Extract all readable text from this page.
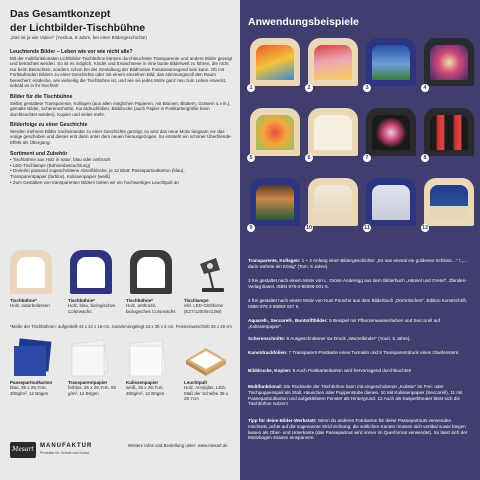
Das Gesamtkonzept
der Lichtbilder-Tischbühne
„Das ist ja wie Video!“ (Yoshua, 6 Jahre, bei einer Bildergeschichte)

Leuchtende Bilder – Leben wie vor wie nicht alle?

Mit der multifunktionalen Lichtbilder-Tischbühne können durchleuchtete Transparente und andere Bilder gezeigt und betrachtet werden. So ist es möglich, Kinder und Erwachsene in eine bunte Bilderwelt zu führen, die nicht nur beim Betrachten, sondern schon bei der Gestaltung der Bildmotive Fantasieanregend sein kann. Ob mit Fortlaufenden Bildern zu einer Geschichte oder mit einem einzelnen Bild, das stimmungsvoll den Raum bereichert: entdecke, wie vielseitig die Tischbühne ist, und wie sie jedes Motiv ganz neu zum Leben erweckt, sobald es in ihr leuchtet!

Bilder für die Tischbühne

Selbst gestaltete Transparente, Kollagen (aus allen möglichen Papieren, mit Blumen, Blüttern, Gräsern u.v.m.), gemalte Bilder, Scherenschnitte, Kunstdruckfolien, Bilddrucke (auch Papier in Postkartengröße kann durchleuchtet werden), Kopien und vieles mehr.

Bilderfolge zu einer Geschichte

Werden mehrere Bilder nacheinander zu einer Geschichte gezeigt, so wird das neue Motiv langsam vor das vorige geschoben und dieses erst dann unter dem neuen herausgezogen. So entsteht ein schöner Überblende-Effekt als Übergang.

Sortiment und Zubehör

• Tischbühne aus Holz in natur, blau oder anthrazit
• LED-Tischlampe (Bühnenbeleuchtung)
• Dreierlei passend zugeschnittene Abreißblöcke, je 12 Blatt: Passepartoutkarton (blau),
Transparentpapier (farblos), Kulissenpapier (weiß)
• Zum Gestalten von transparenten Bildern bieten wir ein hochwertiges Leuchtpult an
Tischbühne*
Holz, naturbelassen
Tischbühne*
Holz, blau, biologisches Colorwachs
Tischbühne*
Holz, anthrazit, biologisches Colorwachs
Tischlampe
inkl. LED-Glühbirne (E27/1200lm/13W)
*Maße der Tischbühnen: aufgestellt 43 x 42 x 18 cm, zusammengelegt 43 x 35 x 3 cm, Fensterausschnitt 28 x 28 cm
Passepartoutkarton
blau, 35 x 29,7cm, 300g/m², 12 Bögen
Transparentpapier
farblos, 35 x 29,7cm, 80 g/m², 12 Bögen
Kulissenpapier
weiß, 35 x 29,7cm, 250g/m², 12 Bögen
Leuchtpult
Holz, Acrylglas, LED, Maß der Scheibe 35 x 29,7cm
Mesart	MANUFAKTUR
Produkte für Schule und Kunst
Weitere Infos und Bestellung unter: www.mesart.de
Anwendungsbeispiele
1	2	3	4
5	6	7	8
9	10	11	12

Transparente, Kollagen: 1 + 2 Anfang einer Bildergeschichte: „Es war einmal ein goldenes Schloss…“ / „… darin wohnte ein König“ (Tom, 5 Jahre).

3 frei gestaltet nach einem Motiv von L. Gross-Anderegg aus dem Bilderbuch „Hänsel und Gretel“, Zbinden-Verlag Basel, ISBN 978-3-85989-001-5.

4 frei gestaltet nach einem Motiv von Kuni Porsche aus dem Bilderbuch „Dornröschen“, Edition Kunstschrift, ISBN 978 3 99053 027 6.

Aquarell-, Seccorell-, Buntstiftbilder: 5 Beispiel mit Pflanzenwasserfarben und Seccorell auf „Kulissenpapier“.

Scherenschnitte: 6 Ausgeschnittener sw Druck „Wurzelkinder“ (Youri, 5 Jahre).

Kunstdruckfolien: 7 Transparent-Postkarte eines Turmalin und 8 Transparentdruck eines Glasfensters.

Bilddrucke, Kopien: 9 Auch Postkartenkarton wird hervorragend durchleuchtet!

Multifunktional: Die Rückseite der Tischbühne kann mit eingeschobener „Kulisse“ im Frei- oder Tischpuppenspiel als Stall, Häuschen oder Puppenstube dienen. 10 Mit Kulissenpapier (Seccorell), 11 mit Passepartoutkarton und aufgeklebtem Fenster als Hintergrund. 12 Auch als Kasperltheater lässt sich die Tischbühne nutzen!

Tipp für deine Bilder-Werkstatt: Wenn du anderen Fotokarton für deine Passepartouts verwenden möchtest, achte auf die sogenannte Strichrichtung: die seitlichen Kanten müssen sich vertikal sowie biegen lassen als Ober- und Unterkante (das Passepartout wird immer im Querformat verwendet). So lässt sich der Motivbogen stramm einspannen.
